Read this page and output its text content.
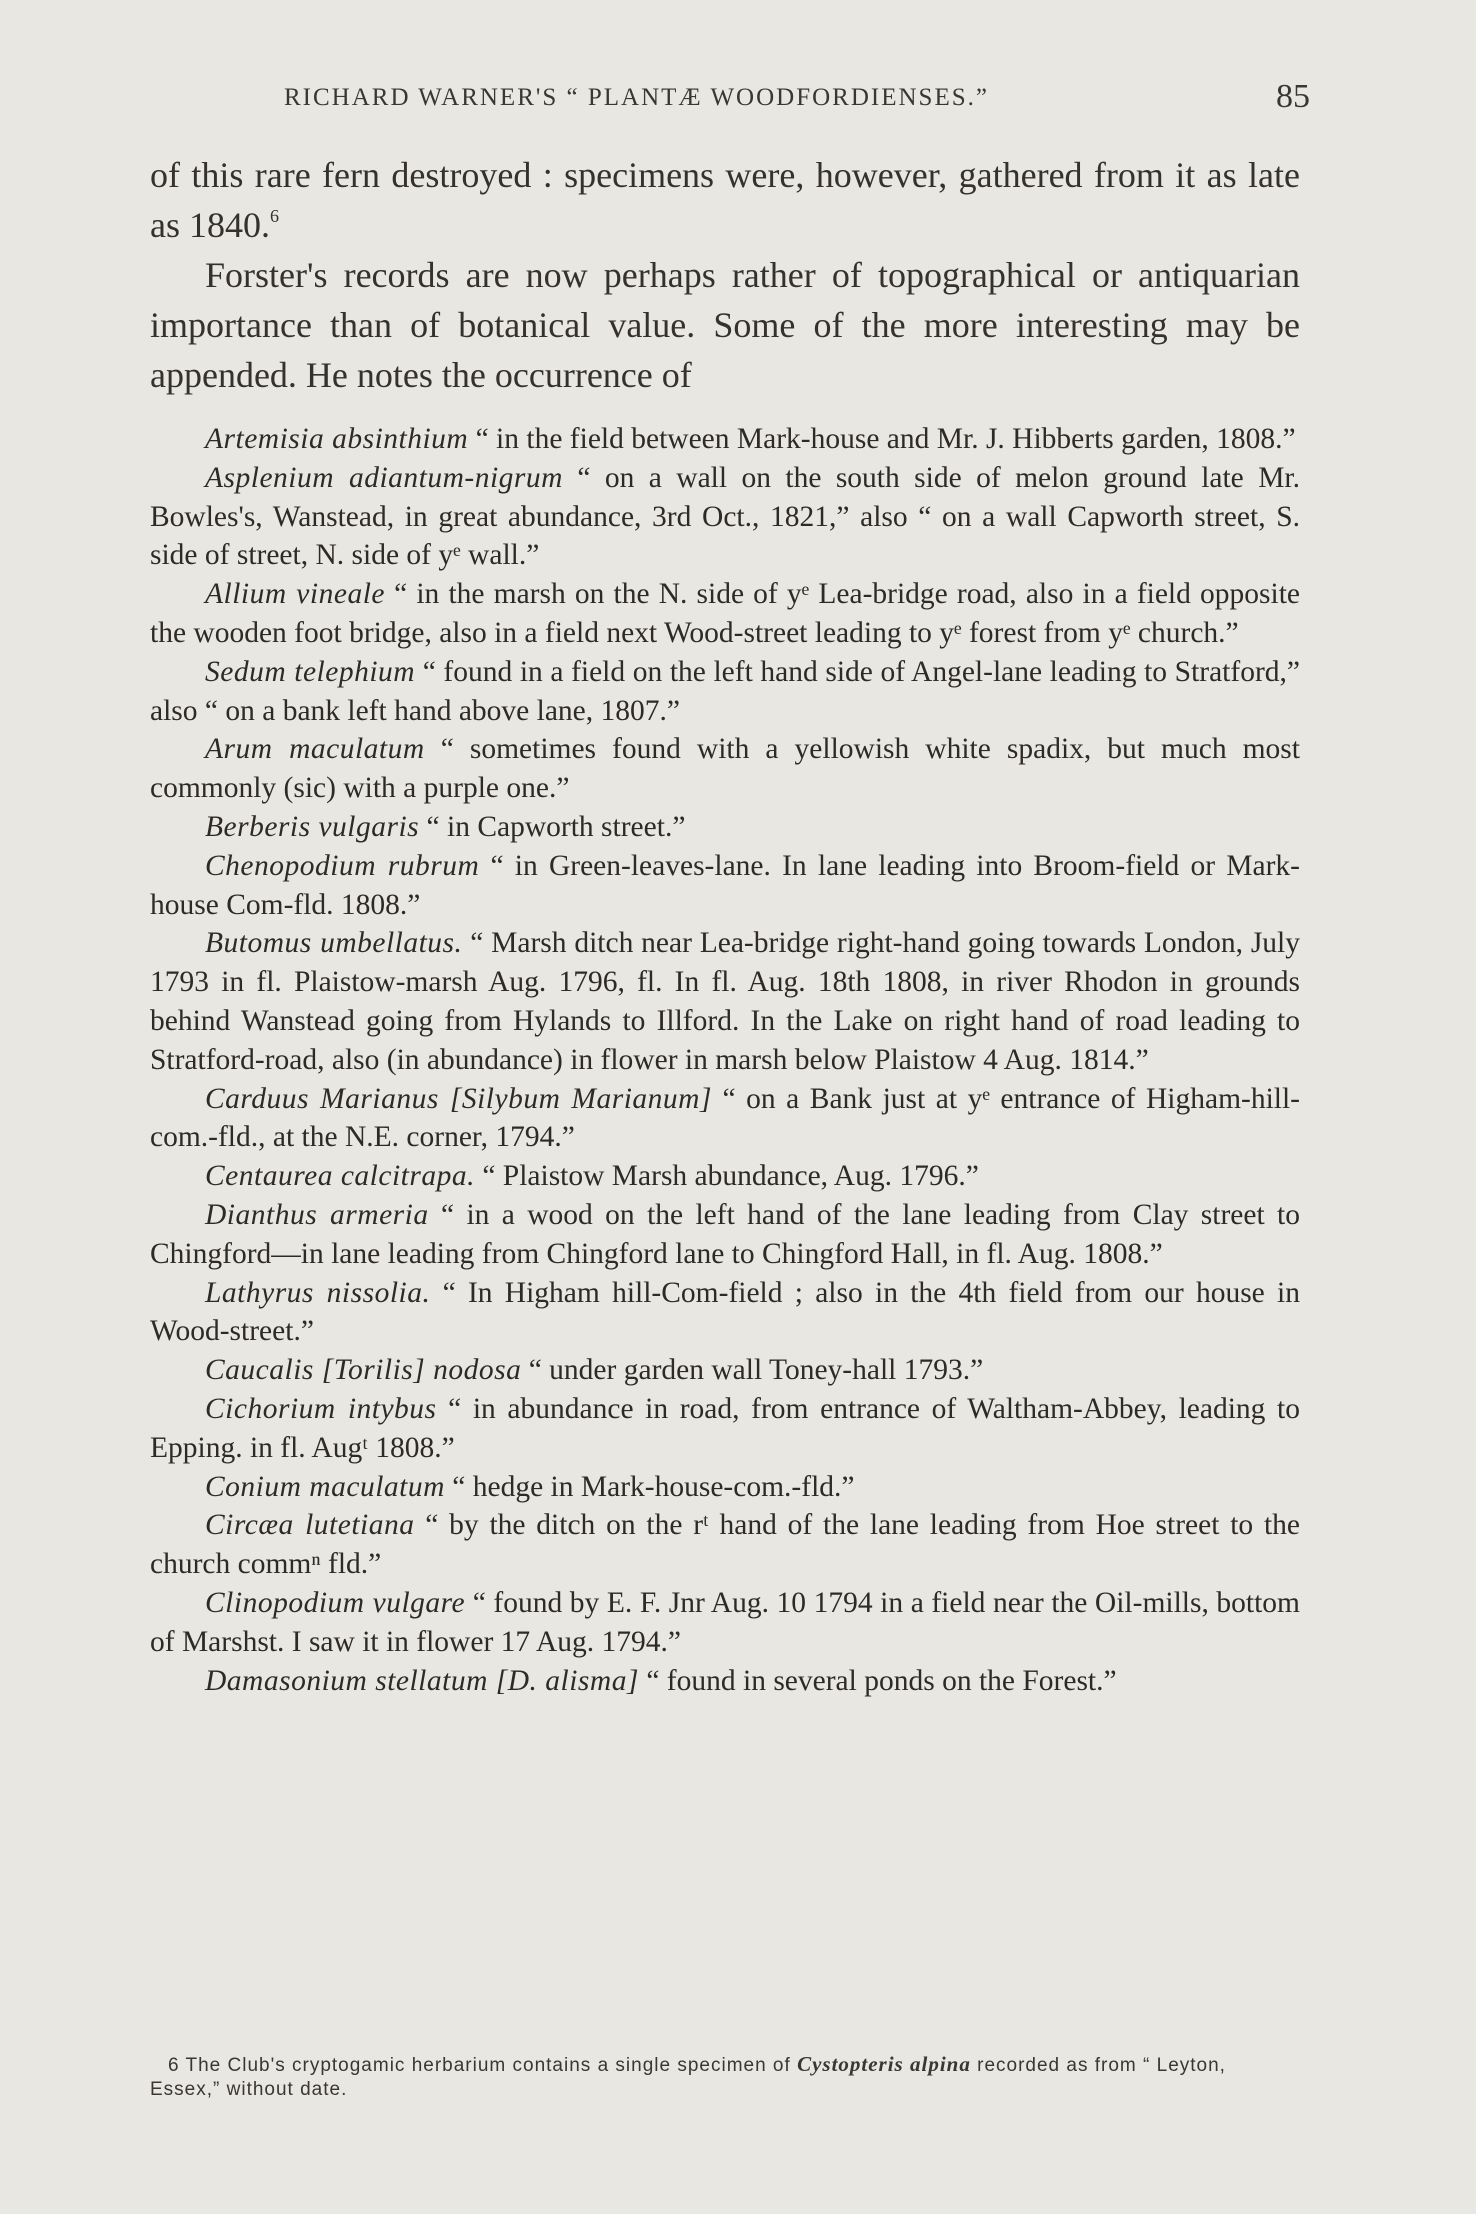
RICHARD WARNER'S “ PLANTÆ WOODFORDIENSES.”	85

of this rare fern destroyed : specimens were, however, gathered from it as late as 1840.$^6$

Forster's records are now perhaps rather of topographical or antiquarian importance than of botanical value. Some of the more interesting may be appended. He notes the occurrence of

Artemisia absinthium “ in the field between Mark-house and Mr. J. Hibberts garden, 1808.”

Asplenium adiantum-nigrum “ on a wall on the south side of melon ground late Mr. Bowles's, Wanstead, in great abundance, 3rd Oct., 1821,” also “ on a wall Capworth street, S. side of street, N. side of yᵉ wall.”

Allium vineale “ in the marsh on the N. side of yᵉ Lea-bridge road, also in a field opposite the wooden foot bridge, also in a field next Wood-street leading to yᵉ forest from yᵉ church.”

Sedum telephium “ found in a field on the left hand side of Angel-lane leading to Stratford,” also “ on a bank left hand above lane, 1807.”

Arum maculatum “ sometimes found with a yellowish white spadix, but much most commonly (sic) with a purple one.”

Berberis vulgaris “ in Capworth street.”

Chenopodium rubrum “ in Green-leaves-lane. In lane leading into Broom-field or Mark-house Com-fld. 1808.”

Butomus umbellatus. “ Marsh ditch near Lea-bridge right-hand going towards London, July 1793 in fl. Plaistow-marsh Aug. 1796, fl. In fl. Aug. 18th 1808, in river Rhodon in grounds behind Wanstead going from Hylands to Illford. In the Lake on right hand of road leading to Stratford-road, also (in abundance) in flower in marsh below Plaistow 4 Aug. 1814.”

Carduus Marianus [Silybum Marianum] “ on a Bank just at yᵉ entrance of Higham-hill-com.-fld., at the N.E. corner, 1794.”

Centaurea calcitrapa. “ Plaistow Marsh abundance, Aug. 1796.”

Dianthus armeria “ in a wood on the left hand of the lane leading from Clay street to Chingford—in lane leading from Chingford lane to Chingford Hall, in fl. Aug. 1808.”

Lathyrus nissolia. “ In Higham hill-Com-field ; also in the 4th field from our house in Wood-street.”

Caucalis [Torilis] nodosa “ under garden wall Toney-hall 1793.”

Cichorium intybus “ in abundance in road, from entrance of Waltham-Abbey, leading to Epping. in fl. Augᵗ 1808.”

Conium maculatum “ hedge in Mark-house-com.-fld.”

Circæa lutetiana “ by the ditch on the rᵗ hand of the lane leading from Hoe street to the church commⁿ fld.”

Clinopodium vulgare “ found by E. F. Jnr Aug. 10 1794 in a field near the Oil-mills, bottom of Marshst. I saw it in flower 17 Aug. 1794.”

Damasonium stellatum [D. alisma] “ found in several ponds on the Forest.”

6 The Club's cryptogamic herbarium contains a single specimen of Cystopteris alpina recorded as from “ Leyton, Essex,” without date.
